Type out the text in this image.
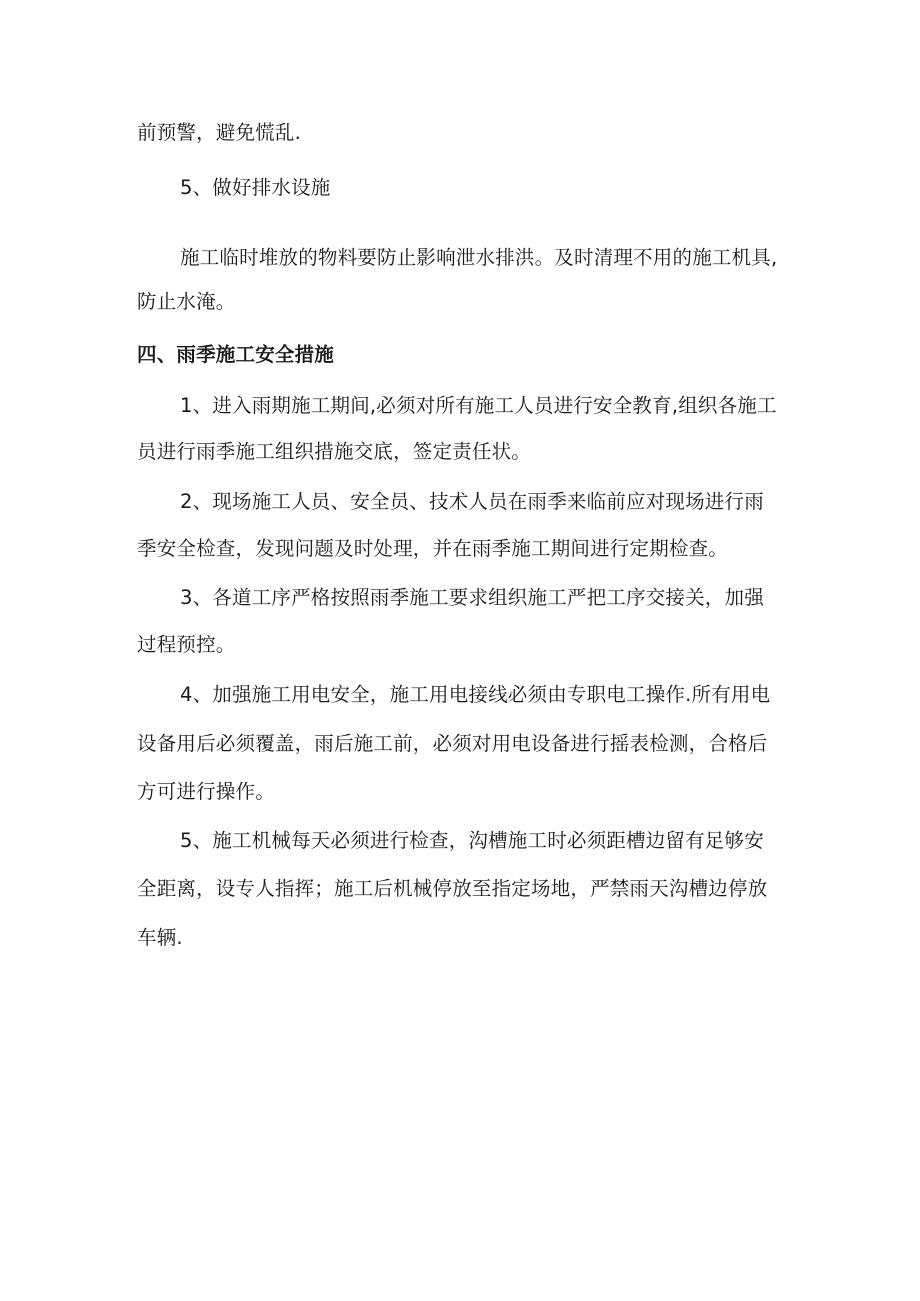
前预警，避免慌乱.
5、做好排水设施
施工临时堆放的物料要防止影响泄水排洪。及时清理不用的施工机具,
防止水淹。
四、雨季施工安全措施
1、进入雨期施工期间,必须对所有施工人员进行安全教育,组织各施工
员进行雨季施工组织措施交底，签定责任状。
2、现场施工人员、安全员、技术人员在雨季来临前应对现场进行雨
季安全检查，发现问题及时处理，并在雨季施工期间进行定期检查。
3、各道工序严格按照雨季施工要求组织施工严把工序交接关，加强
过程预控。
4、加强施工用电安全，施工用电接线必须由专职电工操作.所有用电
设备用后必须覆盖，雨后施工前，必须对用电设备进行摇表检测，合格后
方可进行操作。
5、施工机械每天必须进行检查，沟槽施工时必须距槽边留有足够安
全距离，设专人指挥；施工后机械停放至指定场地，严禁雨天沟槽边停放
车辆.
